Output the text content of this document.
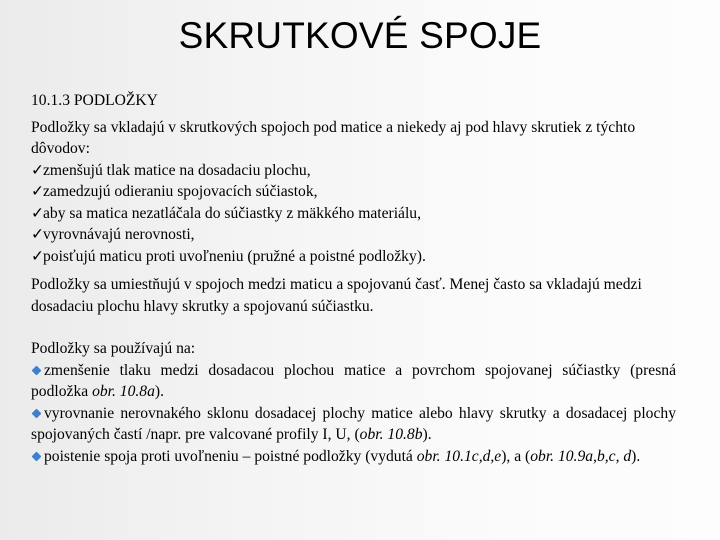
SKRUTKOVÉ SPOJE

10.1.3 PODLOŽKY

Podložky sa vkladajú v skrutkových spojoch pod matice a niekedy aj pod hlavy skrutiek z týchto dôvodov:

✓zmenšujú tlak matice na dosadaciu plochu,
✓zamedzujú odieraniu spojovacích súčiastok,
✓aby sa matica nezatláčala do súčiastky z mäkkého materiálu,
✓vyrovnávajú nerovnosti,
✓poisťujú maticu proti uvoľneniu (pružné a poistné podložky).

Podložky sa umiestňujú v spojoch medzi maticu a spojovanú časť. Menej často sa vkladajú medzi dosadaciu plochu hlavy skrutky a spojovanú súčiastku.

Podložky sa používajú na:

zmenšenie tlaku medzi dosadacou plochou matice a povrchom spojovanej súčiastky (presná podložka obr. 10.8a).
vyrovnanie nerovnakého sklonu dosadacej plochy matice alebo hlavy skrutky a dosadacej plochy spojovaných častí /napr. pre valcované profily I, U, (obr. 10.8b).
poistenie spoja proti uvoľneniu – poistné podložky (vydutá obr. 10.1c,d,e), a (obr. 10.9a,b,c, d).
